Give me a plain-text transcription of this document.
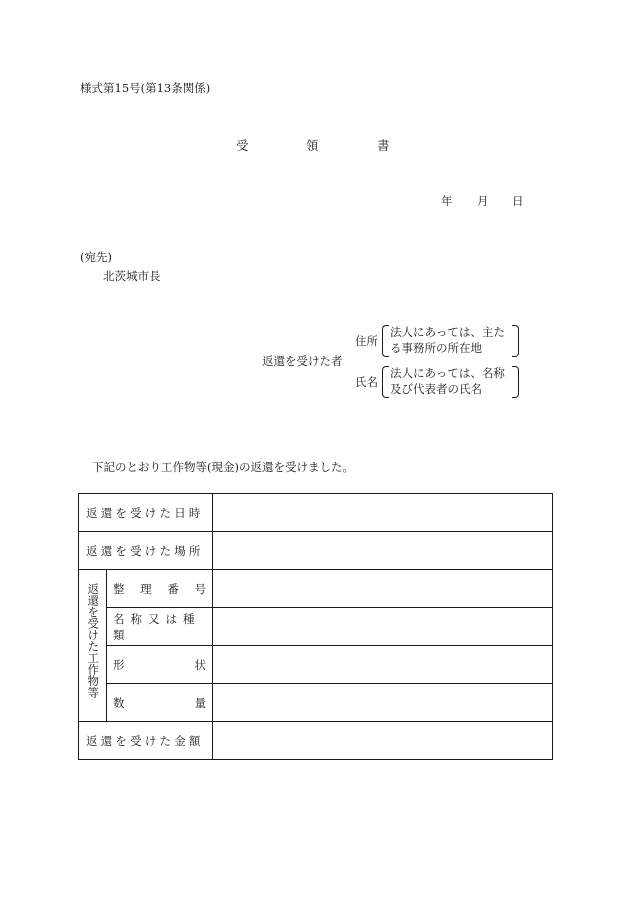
様式第15号(第13条関係)
受	領	書
年 月 日
(宛先)
北茨城市長
返還を受けた者
住所
法人にあっては、主た
る事務所の所在地
氏名
法人にあっては、名称
及び代表者の氏名
下記のとおり工作物等(現金)の返還を受けました。
返還を受けた日時		
返還を受けた場所		

返還を受けた工作物等	整 理 番 号	

	名称又は種類	

	形 状	

	数 量	

返還を受けた金額		
